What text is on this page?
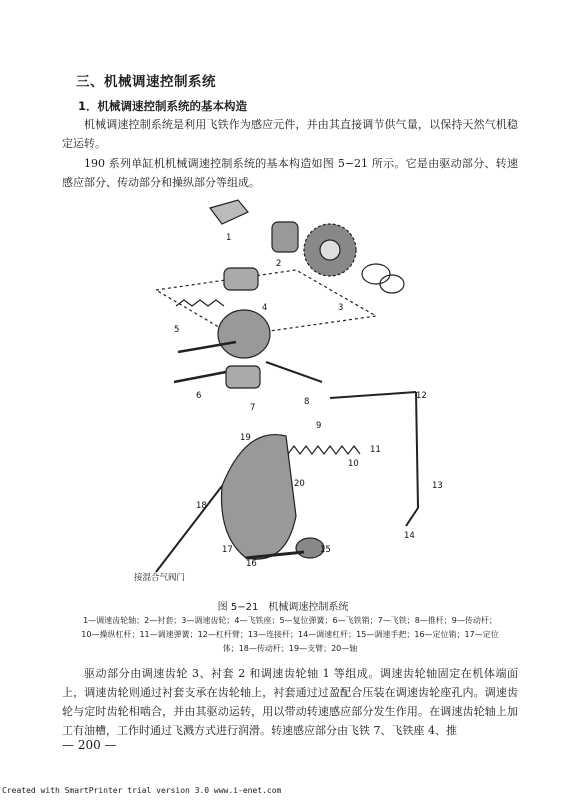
三、机械调速控制系统
1．机械调速控制系统的基本构造
机械调速控制系统是利用飞铁作为感应元件，并由其直接调节供气量，以保持天然气机稳定运转。
190 系列单缸机机械调速控制系统的基本构造如图 5−21 所示。它是由驱动部分、转速感应部分、传动部分和操纵部分等组成。
1
2
3
4
5
6
7
8
9
10
11
12
13
14
15
16
17
18
19
20
接混合气阀门
图 5−21　机械调速控制系统
1—调速齿轮轴；2—衬套；3—调速齿轮；4—飞铁座；5—复位弹簧；6—飞铁销；7—飞铁；8—推杆；9—传动杆；10—操纵杠杆；11—调速弹簧；12—杠杆臂；13—连接杆；14—调速杠杆；15—调速手把；16—定位销；17—定位体；18—传动杆；19—支臂；20—轴
驱动部分由调速齿轮 3、衬套 2 和调速齿轮轴 1 等组成。调速齿轮轴固定在机体端面上，调速齿轮则通过衬套支承在齿轮轴上，衬套通过过盈配合压装在调速齿轮座孔内。调速齿轮与定时齿轮相啮合，并由其驱动运转，用以带动转速感应部分发生作用。在调速齿轮轴上加工有油槽，工作时通过飞溅方式进行润滑。转速感应部分由飞铁 7、飞铁座 4、推
— 200 —
Created with SmartPrinter trial version 3.0 www.i-enet.com
